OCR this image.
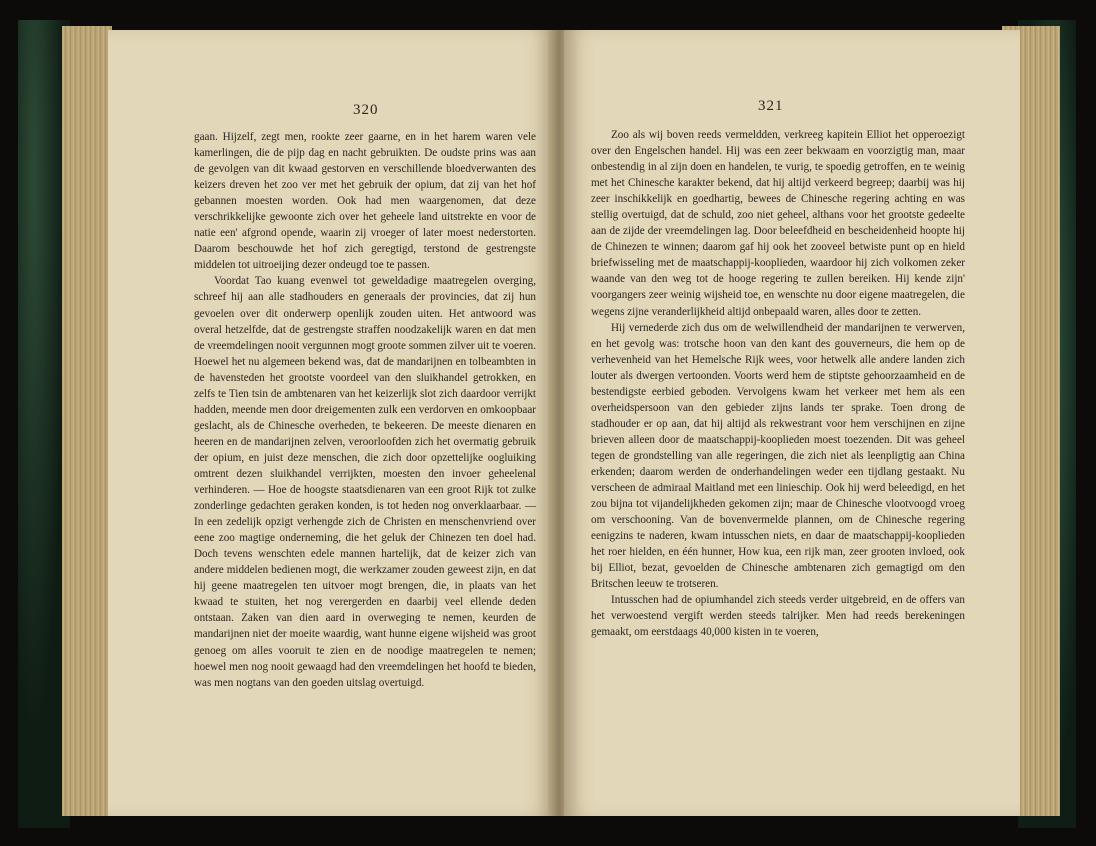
320

gaan. Hijzelf, zegt men, rookte zeer gaarne, en in het harem waren vele kamerlingen, die de pijp dag en nacht gebruikten. De oudste prins was aan de gevolgen van dit kwaad gestorven en verschillende bloedverwanten des keizers dreven het zoo ver met het gebruik der opium, dat zij van het hof gebannen moesten worden. Ook had men waargenomen, dat deze verschrikkelijke gewoonte zich over het geheele land uitstrekte en voor de natie een' afgrond opende, waarin zij vroeger of later moest nederstorten. Daarom beschouwde het hof zich geregtigd, terstond de gestrengste middelen tot uitroeijing dezer ondeugd toe te passen.

Voordat Tao kuang evenwel tot geweldadige maatregelen overging, schreef hij aan alle stadhouders en generaals der provincies, dat zij hun gevoelen over dit onderwerp openlijk zouden uiten. Het antwoord was overal hetzelfde, dat de gestrengste straffen noodzakelijk waren en dat men de vreemdelingen nooit vergunnen mogt groote sommen zilver uit te voeren. Hoewel het nu algemeen bekend was, dat de mandarijnen en tolbeambten in de havensteden het grootste voordeel van den sluikhandel getrokken, en zelfs te Tien tsin de ambtenaren van het keizerlijk slot zich daardoor verrijkt hadden, meende men door dreigementen zulk een verdorven en omkoopbaar geslacht, als de Chinesche overheden, te bekeeren. De meeste dienaren en heeren en de mandarijnen zelven, veroorloofden zich het overmatig gebruik der opium, en juist deze menschen, die zich door opzettelijke oogluiking omtrent dezen sluikhandel verrijkten, moesten den invoer geheelenal verhinderen. — Hoe de hoogste staatsdienaren van een groot Rijk tot zulke zonderlinge gedachten geraken konden, is tot heden nog onverklaarbaar. — In een zedelijk opzigt verhengde zich de Christen en menschenvriend over eene zoo magtige onderneming, die het geluk der Chinezen ten doel had. Doch tevens wenschten edele mannen hartelijk, dat de keizer zich van andere middelen bedienen mogt, die werkzamer zouden geweest zijn, en dat hij geene maatregelen ten uitvoer mogt brengen, die, in plaats van het kwaad te stuiten, het nog verergerden en daarbij veel ellende deden ontstaan. Zaken van dien aard in overweging te nemen, keurden de mandarijnen niet der moeite waardig, want hunne eigene wijsheid was groot genoeg om alles vooruit te zien en de noodige maatregelen te nemen; hoewel men nog nooit gewaagd had den vreemdelingen het hoofd te bieden, was men nogtans van den goeden uitslag overtuigd.

321

Zoo als wij boven reeds vermeldden, verkreeg kapitein Elliot het opperoezigt over den Engelschen handel. Hij was een zeer bekwaam en voorzigtig man, maar onbestendig in al zijn doen en handelen, te vurig, te spoedig getroffen, en te weinig met het Chinesche karakter bekend, dat hij altijd verkeerd begreep; daarbij was hij zeer inschikkelijk en goedhartig, bewees de Chinesche regering achting en was stellig overtuigd, dat de schuld, zoo niet geheel, althans voor het grootste gedeelte aan de zijde der vreemdelingen lag. Door beleefdheid en bescheidenheid hoopte hij de Chinezen te winnen; daarom gaf hij ook het zooveel betwiste punt op en hield briefwisseling met de maatschappij-kooplieden, waardoor hij zich volkomen zeker waande van den weg tot de hooge regering te zullen bereiken. Hij kende zijn' voorgangers zeer weinig wijsheid toe, en wenschte nu door eigene maatregelen, die wegens zijne veranderlijkheid altijd onbepaald waren, alles door te zetten.

Hij vernederde zich dus om de welwillendheid der mandarijnen te verwerven, en het gevolg was: trotsche hoon van den kant des gouverneurs, die hem op de verhevenheid van het Hemelsche Rijk wees, voor hetwelk alle andere landen zich louter als dwergen vertoonden. Voorts werd hem de stiptste gehoorzaamheid en de bestendigste eerbied geboden. Vervolgens kwam het verkeer met hem als een overheidspersoon van den gebieder zijns lands ter sprake. Toen drong de stadhouder er op aan, dat hij altijd als rekwestrant voor hem verschijnen en zijne brieven alleen door de maatschappij-kooplieden moest toezenden. Dit was geheel tegen de grondstelling van alle regeringen, die zich niet als leenpligtig aan China erkenden; daarom werden de onderhandelingen weder een tijdlang gestaakt. Nu verscheen de admiraal Maitland met een linieschip. Ook hij werd beleedigd, en het zou bijna tot vijandelijkheden gekomen zijn; maar de Chinesche vlootvoogd vroeg om verschooning. Van de bovenvermelde plannen, om de Chinesche regering eenigzins te naderen, kwam intusschen niets, en daar de maatschappij-kooplieden het roer hielden, en één hunner, How kua, een rijk man, zeer grooten invloed, ook bij Elliot, bezat, gevoelden de Chinesche ambtenaren zich gemagtigd om den Britschen leeuw te trotseren.

Intusschen had de opiumhandel zich steeds verder uitgebreid, en de offers van het verwoestend vergift werden steeds talrijker. Men had reeds berekeningen gemaakt, om eerstdaags 40,000 kisten in te voeren,
